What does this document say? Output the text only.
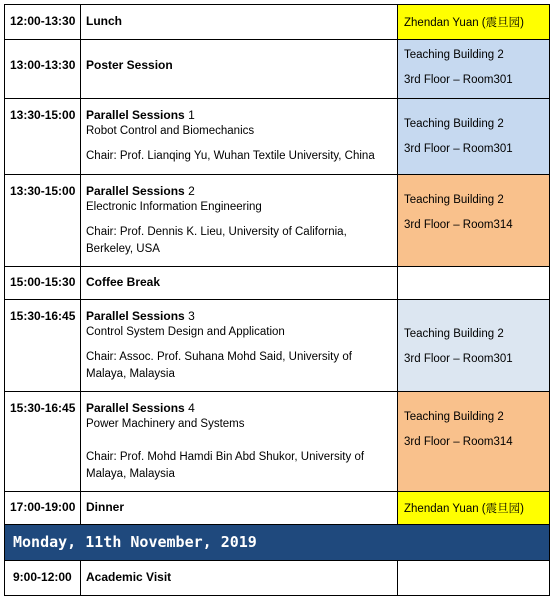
12:00-13:30 Lunch	Zhendan Yuan (震旦园)
13:00-13:30 Poster Session
Teaching Building 2
3rd Floor – Room301
13:30-15:00 Parallel Sessions 1
Robot Control and Biomechanics
Chair: Prof. Lianqing Yu, Wuhan Textile University, China
Teaching Building 2
3rd Floor – Room301
13:30-15:00 Parallel Sessions 2
Electronic Information Engineering
Chair: Prof. Dennis K. Lieu, University of California, Berkeley, USA
Teaching Building 2
3rd Floor – Room314
15:00-15:30 Coffee Break
15:30-16:45 Parallel Sessions 3
Control System Design and Application
Chair: Assoc. Prof. Suhana Mohd Said, University of Malaya, Malaysia
Teaching Building 2
3rd Floor – Room301
15:30-16:45 Parallel Sessions 4
Power Machinery and Systems
Chair: Prof. Mohd Hamdi Bin Abd Shukor, University of Malaya, Malaysia
Teaching Building 2
3rd Floor – Room314
17:00-19:00 Dinner	Zhendan Yuan (震旦园)
Monday, 11th November, 2019
9:00-12:00 Academic Visit
